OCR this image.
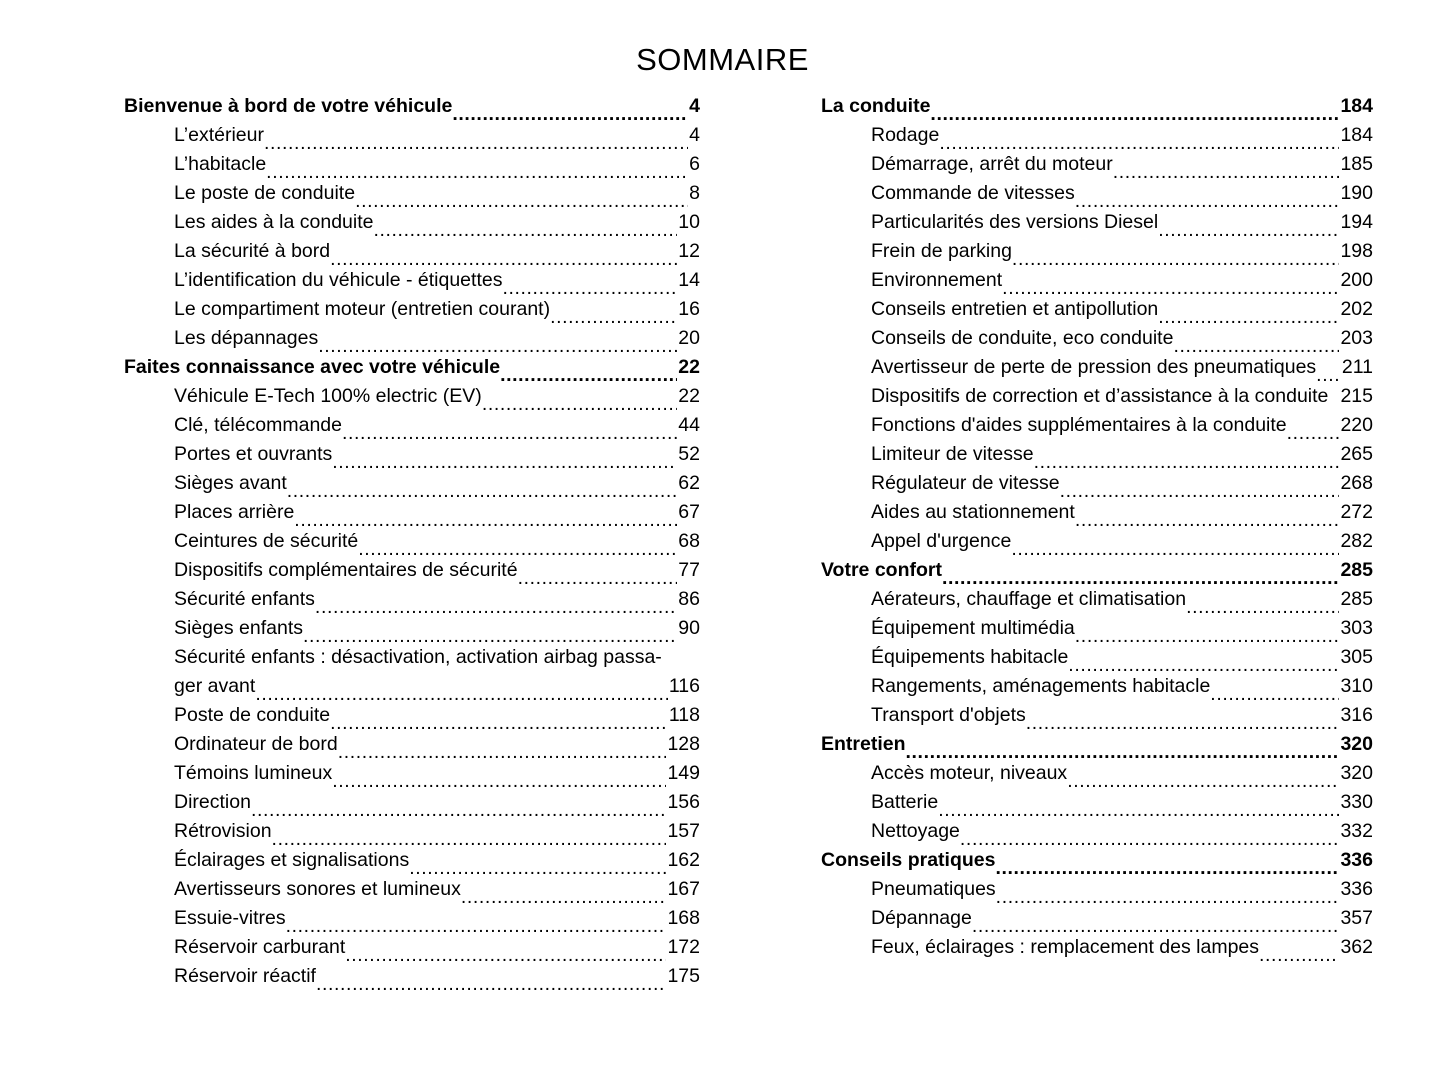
SOMMAIRE
Bienvenue à bord de votre véhicule .....	4
L’extérieur .....	4
L’habitacle .....	6
Le poste de conduite .....	8
Les aides à la conduite .....	10
La sécurité à bord .....	12
L’identification du véhicule - étiquettes .....	14
Le compartiment moteur (entretien courant) .....	16
Les dépannages .....	20
Faites connaissance avec votre véhicule .....	22
Véhicule E-Tech 100% electric (EV) .....	22
Clé, télécommande .....	44
Portes et ouvrants .....	52
Sièges avant .....	62
Places arrière .....	67
Ceintures de sécurité .....	68
Dispositifs complémentaires de sécurité .....	77
Sécurité enfants .....	86
Sièges enfants .....	90
Sécurité enfants : désactivation, activation airbag passa-
ger avant .....	116
Poste de conduite .....	118
Ordinateur de bord .....	128
Témoins lumineux .....	149
Direction .....	156
Rétrovision .....	157
Éclairages et signalisations .....	162
Avertisseurs sonores et lumineux .....	167
Essuie-vitres .....	168
Réservoir carburant .....	172
Réservoir réactif .....	175
La conduite .....	184
Rodage .....	184
Démarrage, arrêt du moteur .....	185
Commande de vitesses .....	190
Particularités des versions Diesel .....	194
Frein de parking .....	198
Environnement .....	200
Conseils entretien et antipollution .....	202
Conseils de conduite, eco conduite .....	203
Avertisseur de perte de pression des pneumatiques ..... 211
Dispositifs de correction et d’assistance à la conduite 215
Fonctions d'aides supplémentaires à la conduite .....	220
Limiteur de vitesse .....	265
Régulateur de vitesse .....	268
Aides au stationnement .....	272
Appel d'urgence .....	282
Votre confort .....	285
Aérateurs, chauffage et climatisation .....	285
Équipement multimédia .....	303
Équipements habitacle .....	305
Rangements, aménagements habitacle .....	310
Transport d'objets .....	316
Entretien .....	320
Accès moteur, niveaux .....	320
Batterie .....	330
Nettoyage .....	332
Conseils pratiques .....	336
Pneumatiques .....	336
Dépannage .....	357
Feux, éclairages : remplacement des lampes .....	362
